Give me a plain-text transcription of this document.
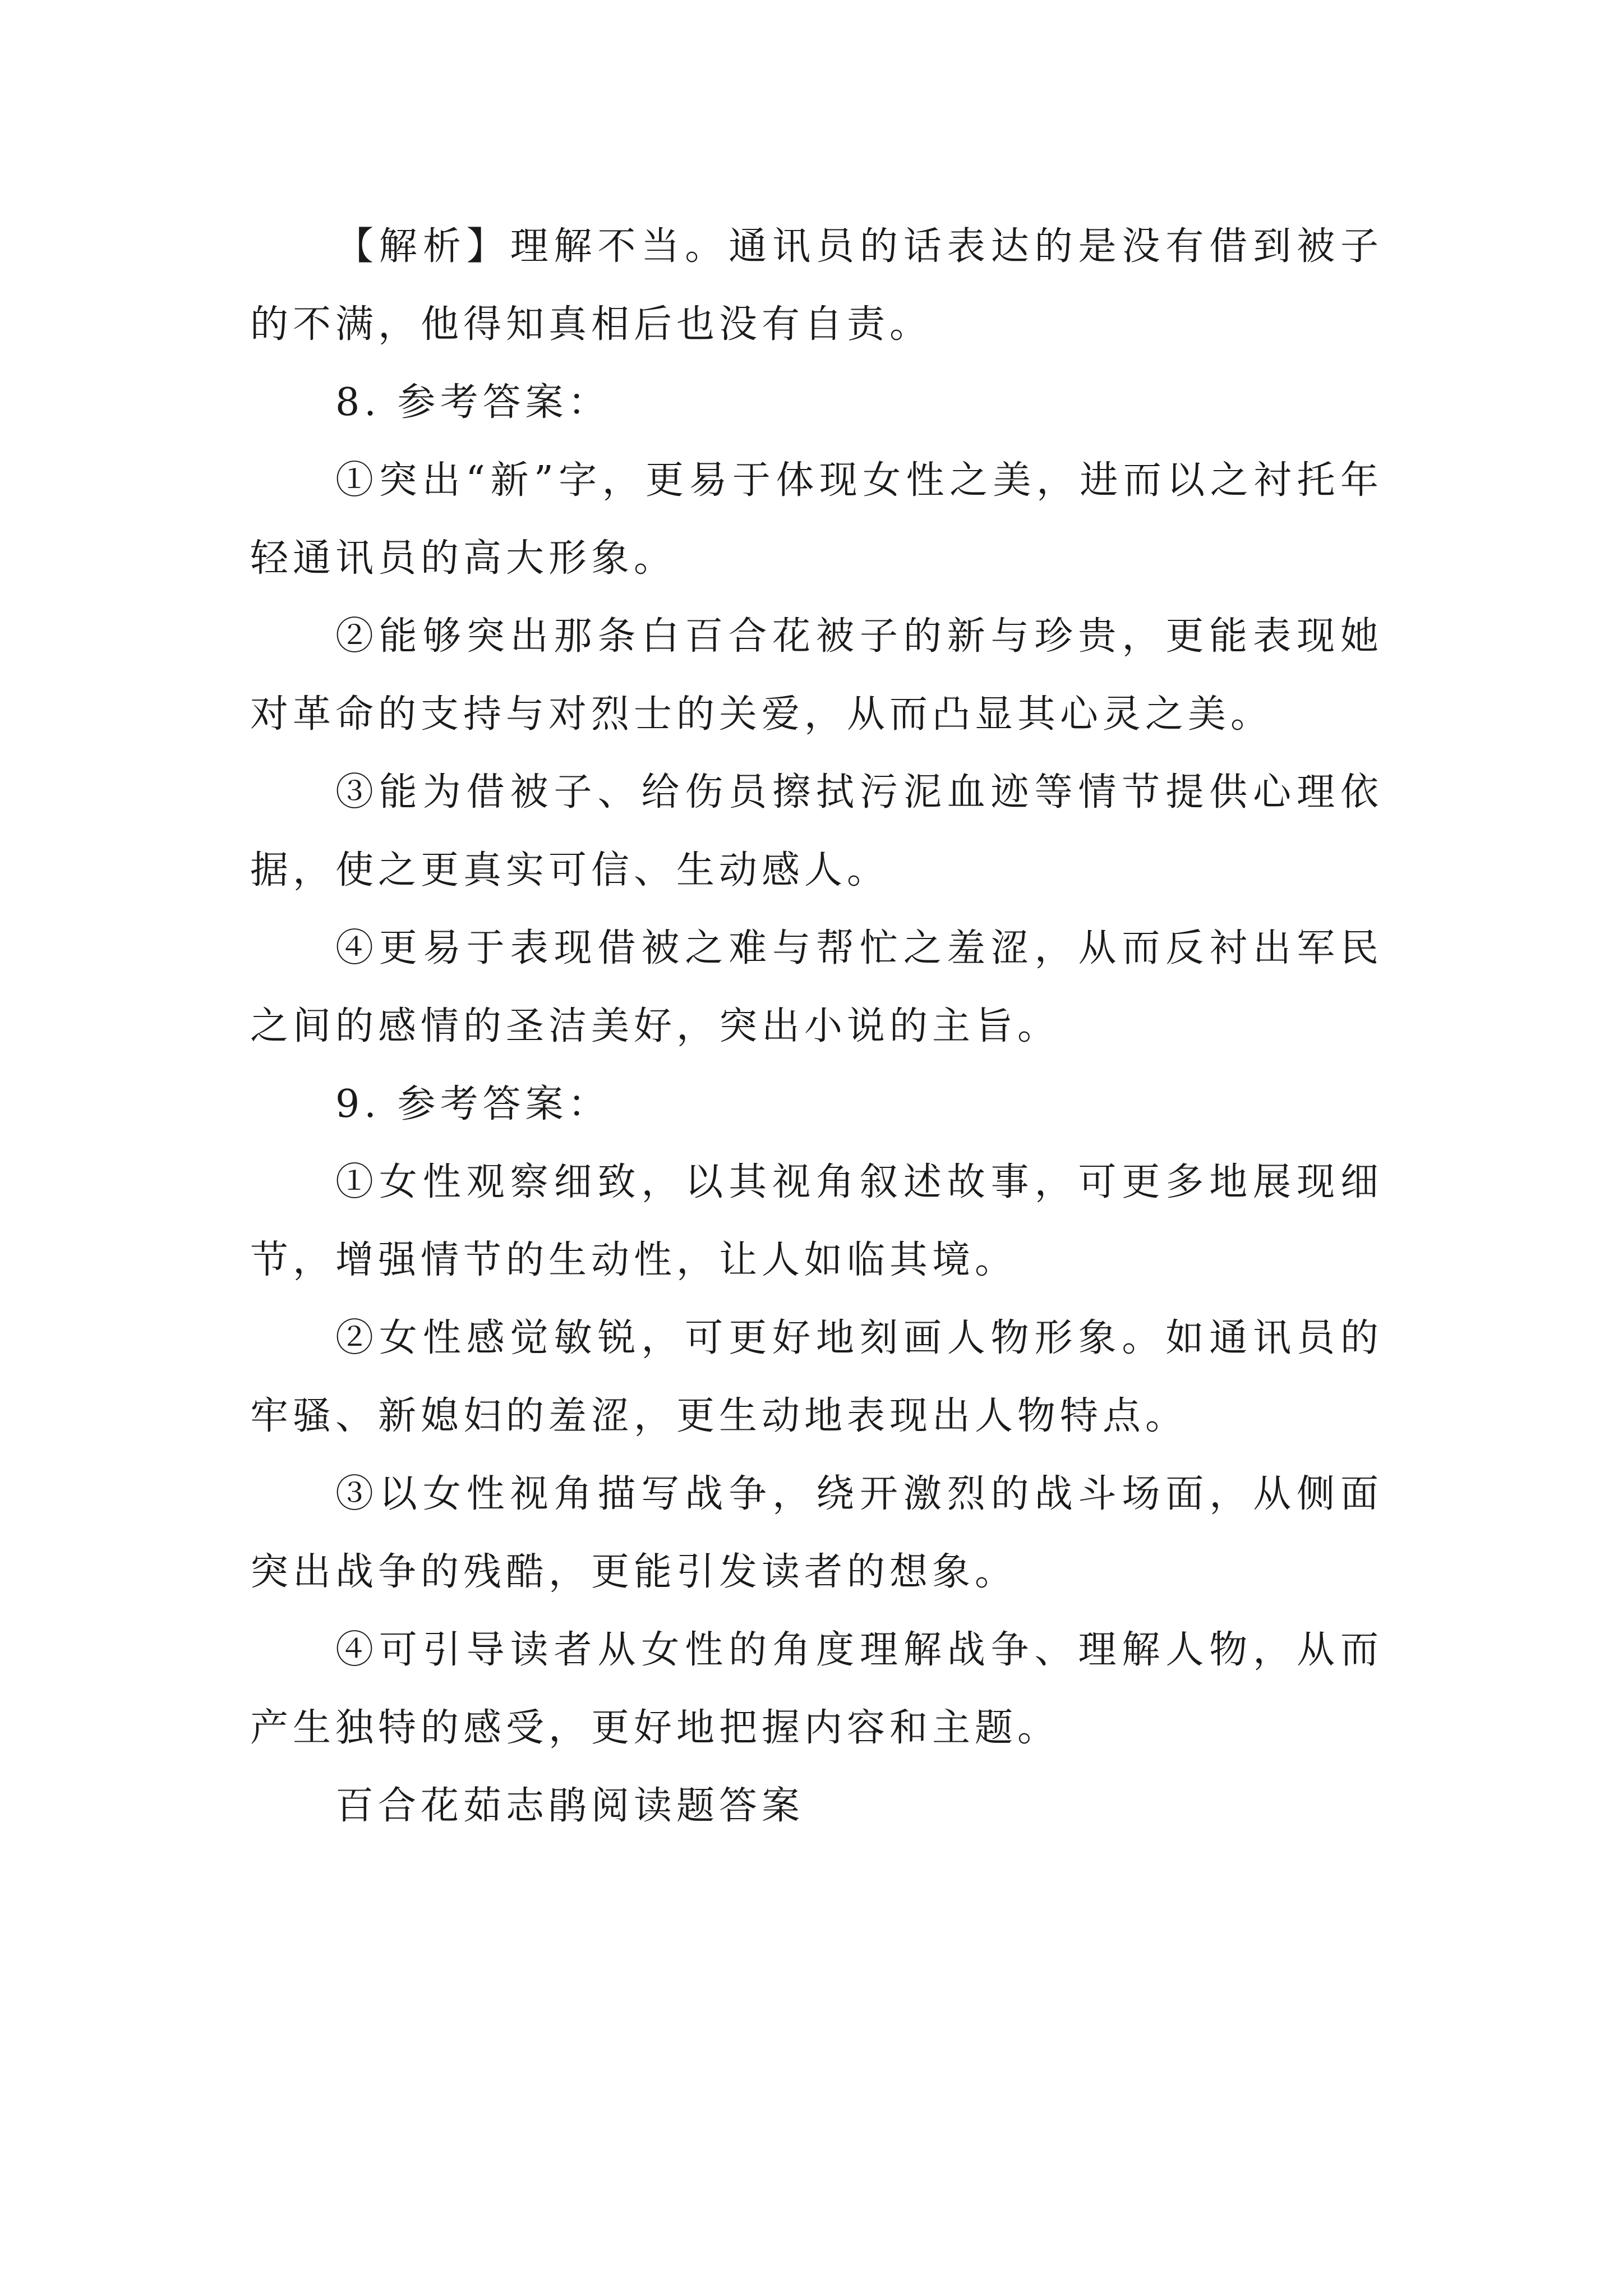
【解析】理解不当。通讯员的话表达的是没有借到被子的不满，他得知真相后也没有自责。

8. 参考答案：

①突出“新”字，更易于体现女性之美，进而以之衬托年轻通讯员的高大形象。

②能够突出那条白百合花被子的新与珍贵，更能表现她对革命的支持与对烈士的关爱，从而凸显其心灵之美。

③能为借被子、给伤员擦拭污泥血迹等情节提供心理依据，使之更真实可信、生动感人。

④更易于表现借被之难与帮忙之羞涩，从而反衬出军民之间的感情的圣洁美好，突出小说的主旨。

9. 参考答案：

①女性观察细致，以其视角叙述故事，可更多地展现细节，增强情节的生动性，让人如临其境。

②女性感觉敏锐，可更好地刻画人物形象。如通讯员的牢骚、新媳妇的羞涩，更生动地表现出人物特点。

③以女性视角描写战争，绕开激烈的战斗场面，从侧面突出战争的残酷，更能引发读者的想象。

④可引导读者从女性的角度理解战争、理解人物，从而产生独特的感受，更好地把握内容和主题。

百合花茹志鹃阅读题答案
